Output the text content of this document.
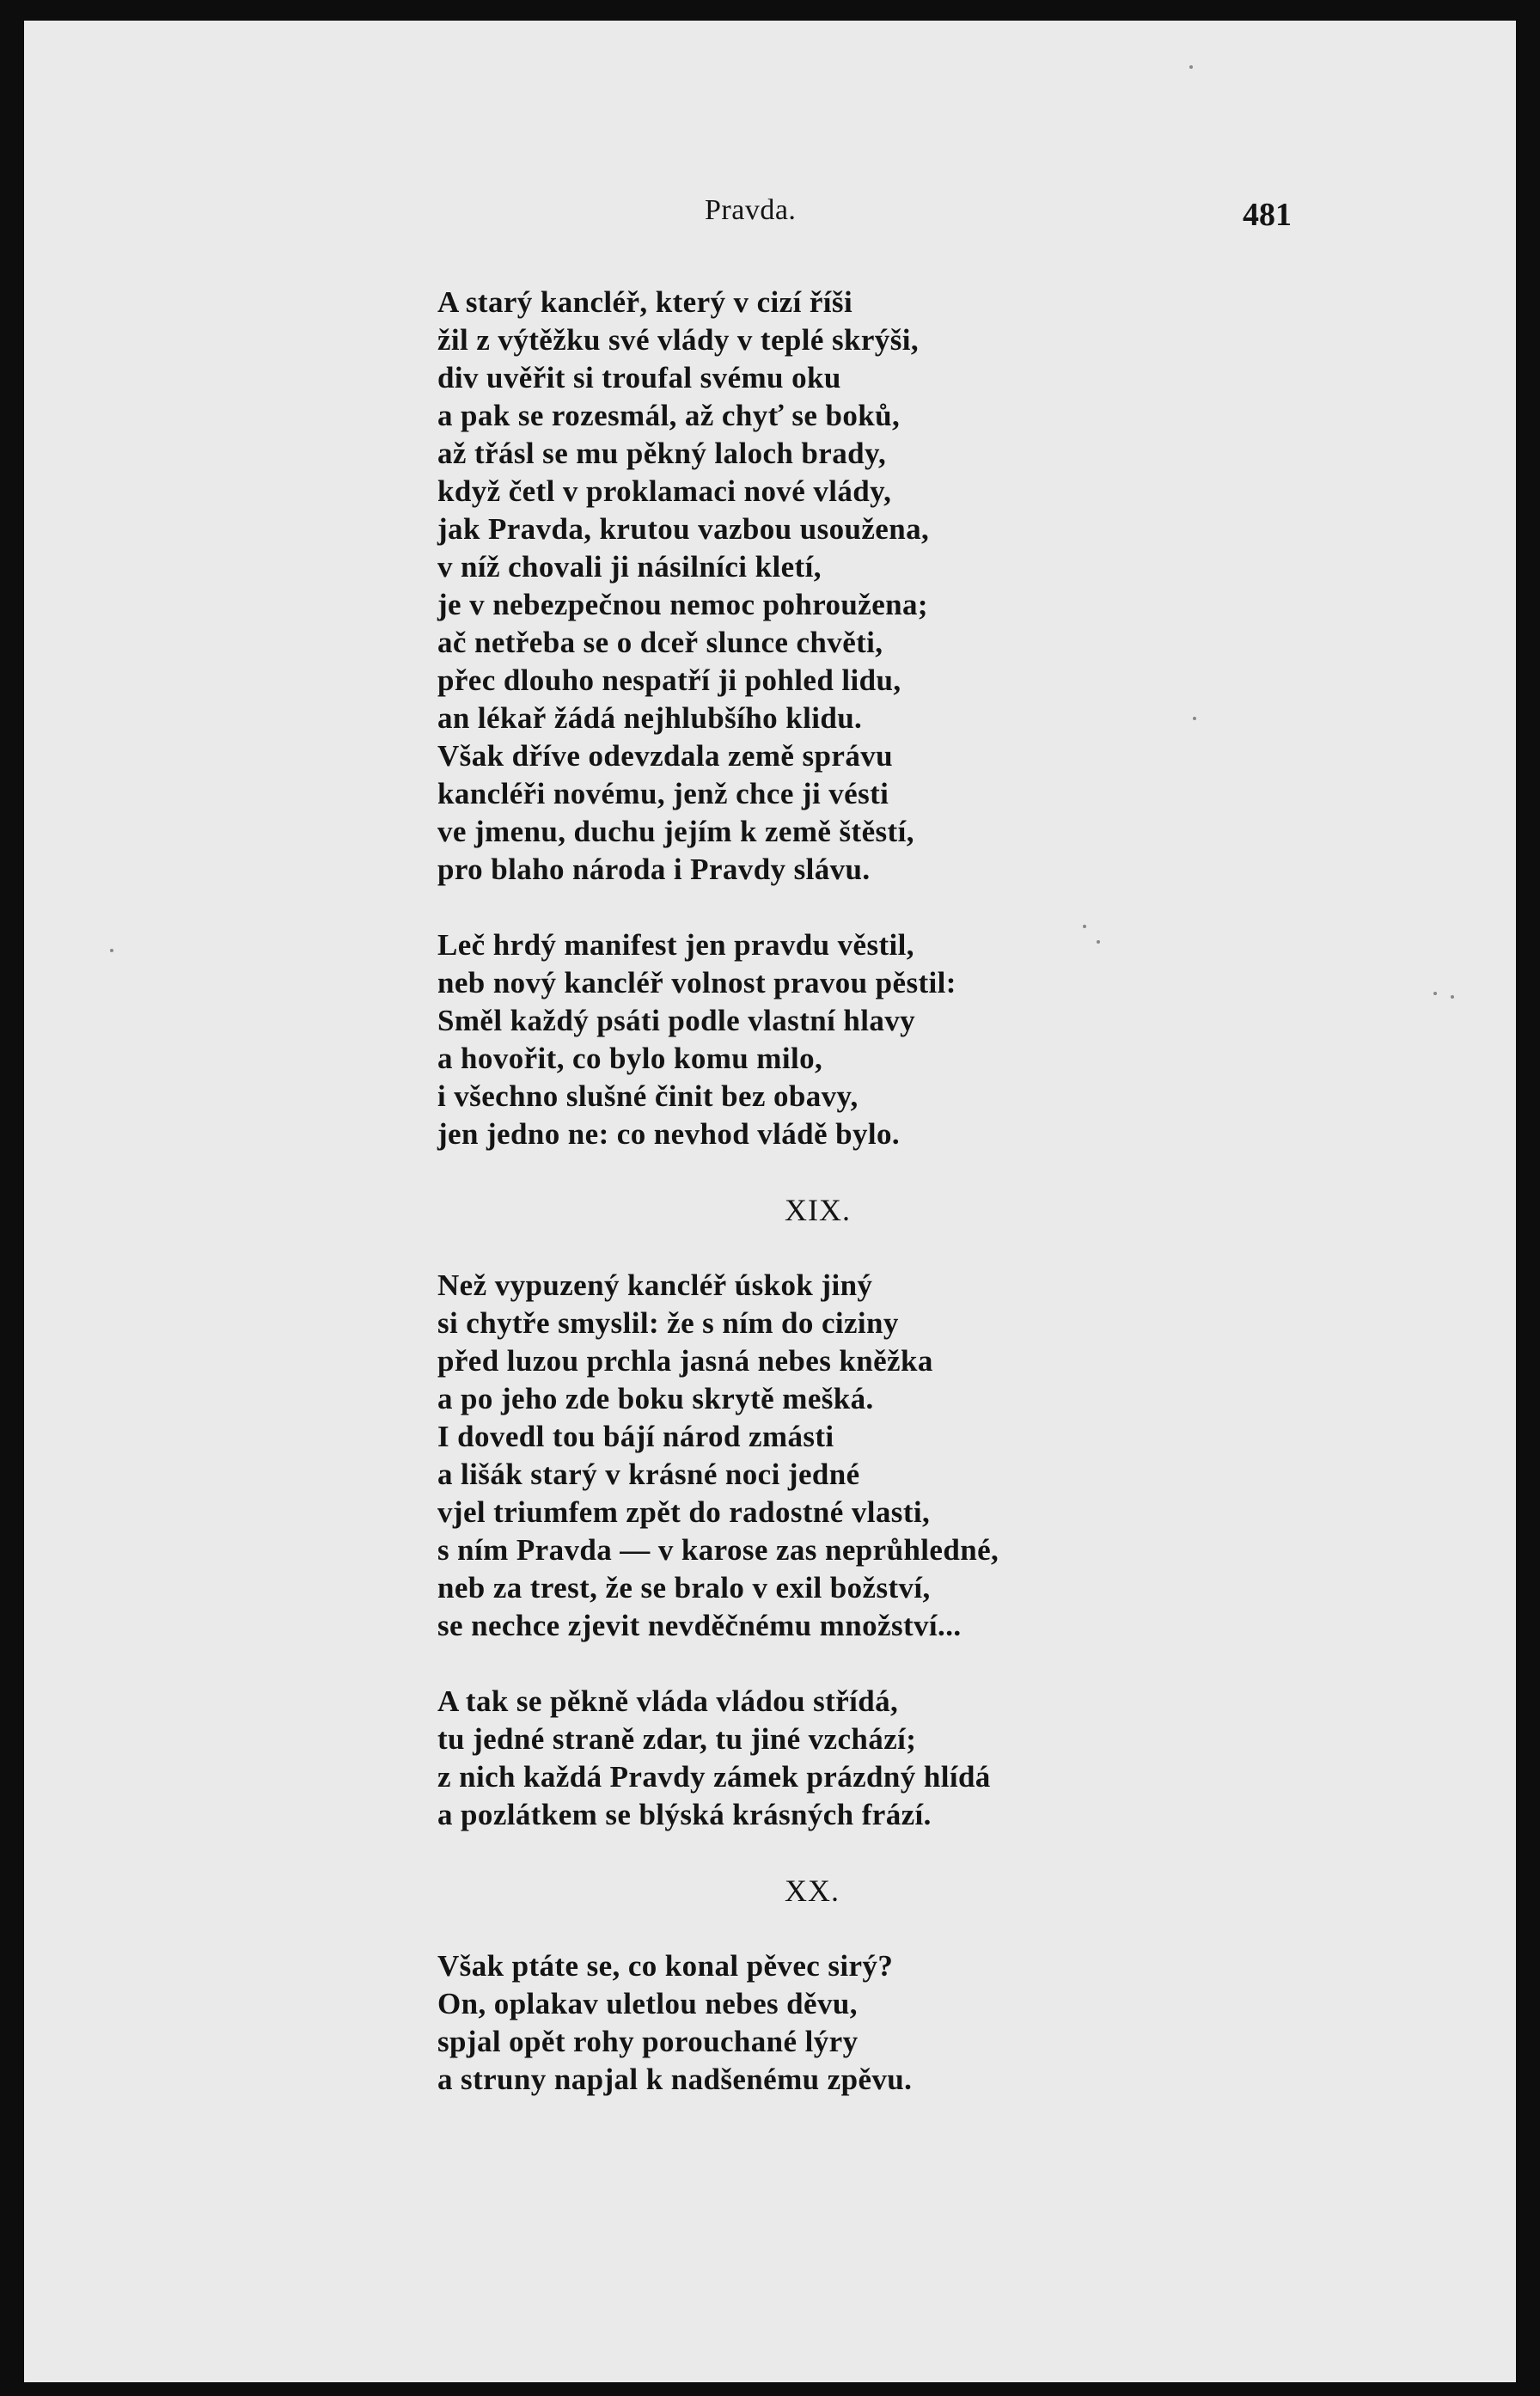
Pravda.	481
A starý kancléř, který v cizí říši
žil z výtěžku své vlády v teplé skrýši,
div uvěřit si troufal svému oku
a pak se rozesmál, až chyť se boků,
až třásl se mu pěkný laloch brady,
když četl v proklamaci nové vlády,
jak Pravda, krutou vazbou usoužena,
v níž chovali ji násilníci kletí,
je v nebezpečnou nemoc pohroužena;
ač netřeba se o dceř slunce chvěti,
přec dlouho nespatří ji pohled lidu,
an lékař žádá nejhlubšího klidu.
Však dříve odevzdala země správu
kancléři novému, jenž chce ji vésti
ve jmenu, duchu jejím k země štěstí,
pro blaho národa i Pravdy slávu.
Leč hrdý manifest jen pravdu věstil,
neb nový kancléř volnost pravou pěstil:
Směl každý psáti podle vlastní hlavy
a hovořit, co bylo komu milo,
i všechno slušné činit bez obavy,
jen jedno ne: co nevhod vládě bylo.
XIX.
Než vypuzený kancléř úskok jiný
si chytře smyslil: že s ním do ciziny
před luzou prchla jasná nebes kněžka
a po jeho zde boku skrytě mešká.
I dovedl tou bájí národ zmásti
a lišák starý v krásné noci jedné
vjel triumfem zpět do radostné vlasti,
s ním Pravda — v karose zas neprůhledné,
neb za trest, že se bralo v exil božství,
se nechce zjevit nevděčnému množství...
A tak se pěkně vláda vládou střídá,
tu jedné straně zdar, tu jiné vzchází;
z nich každá Pravdy zámek prázdný hlídá
a pozlátkem se blýská krásných frází.
XX.
Však ptáte se, co konal pěvec sirý?
On, oplakav uletlou nebes děvu,
spjal opět rohy porouchané lýry
a struny napjal k nadšenému zpěvu.
